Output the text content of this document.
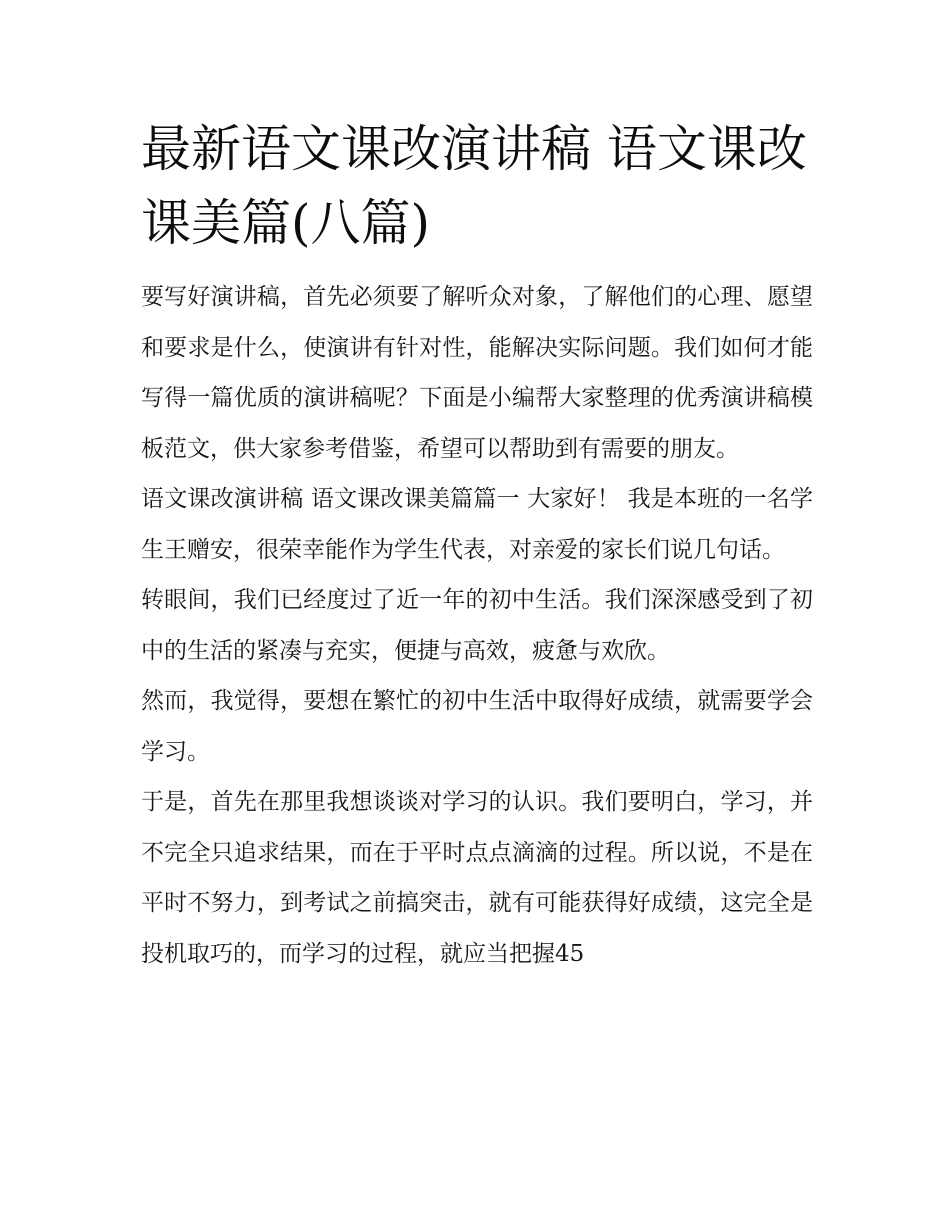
最新语文课改演讲稿 语文课改课美篇(八篇)

要写好演讲稿，首先必须要了解听众对象，了解他们的心理、愿望和要求是什么，使演讲有针对性，能解决实际问题。我们如何才能写得一篇优质的演讲稿呢？下面是小编帮大家整理的优秀演讲稿模板范文，供大家参考借鉴，希望可以帮助到有需要的朋友。

语文课改演讲稿 语文课改课美篇篇一 大家好！ 我是本班的一名学生王赠安，很荣幸能作为学生代表，对亲爱的家长们说几句话。

转眼间，我们已经度过了近一年的初中生活。我们深深感受到了初中的生活的紧凑与充实，便捷与高效，疲惫与欢欣。

然而，我觉得，要想在繁忙的初中生活中取得好成绩，就需要学会学习。

于是，首先在那里我想谈谈对学习的认识。我们要明白，学习，并不完全只追求结果，而在于平时点点滴滴的过程。所以说，不是在平时不努力，到考试之前搞突击，就有可能获得好成绩，这完全是投机取巧的，而学习的过程，就应当把握45
